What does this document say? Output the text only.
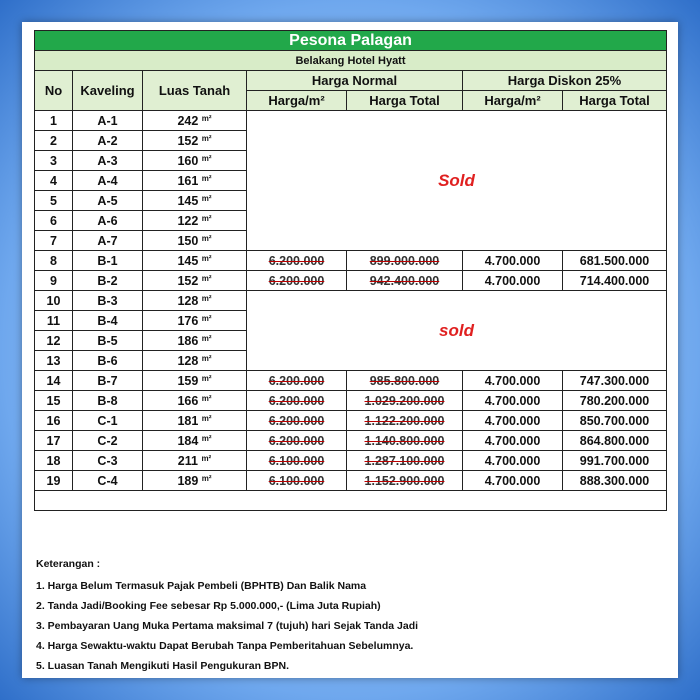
Pesona Palagan						
Belakang Hotel Hyatt						
No	Kaveling	Luas Tanah	Harga Normal		Harga Diskon 25%	
			Harga/m²	Harga Total	Harga/m²	Harga Total
1	A-1	242 $^{m^2}$	Sold			
2	A-2	152 $^{m^2}$
3	A-3	160 $^{m^2}$
4	A-4	161 $^{m^2}$
5	A-5	145 $^{m^2}$
6	A-6	122 $^{m^2}$
7	A-7	150 $^{m^2}$
8	B-1	145 $^{m^2}$	6.200.000	899.000.000	4.700.000	681.500.000
9	B-2	152 $^{m^2}$	6.200.000	942.400.000	4.700.000	714.400.000
10	B-3	128 $^{m^2}$	sold			
11	B-4	176 $^{m^2}$
12	B-5	186 $^{m^2}$
13	B-6	128 $^{m^2}$
14	B-7	159 $^{m^2}$	6.200.000	985.800.000	4.700.000	747.300.000
15	B-8	166 $^{m^2}$	6.200.000	1.029.200.000	4.700.000	780.200.000
16	C-1	181 $^{m^2}$	6.200.000	1.122.200.000	4.700.000	850.700.000
17	C-2	184 $^{m^2}$	6.200.000	1.140.800.000	4.700.000	864.800.000
18	C-3	211 $^{m^2}$	6.100.000	1.287.100.000	4.700.000	991.700.000
19	C-4	189 $^{m^2}$	6.100.000	1.152.900.000	4.700.000	888.300.000

Keterangan :
1. Harga Belum Termasuk Pajak Pembeli (BPHTB) Dan Balik Nama
2. Tanda Jadi/Booking Fee sebesar Rp 5.000.000,- (Lima Juta Rupiah)
3. Pembayaran Uang Muka Pertama maksimal 7 (tujuh) hari Sejak Tanda Jadi
4. Harga Sewaktu-waktu Dapat Berubah Tanpa Pemberitahuan Sebelumnya.
5. Luasan Tanah Mengikuti Hasil Pengukuran BPN.
